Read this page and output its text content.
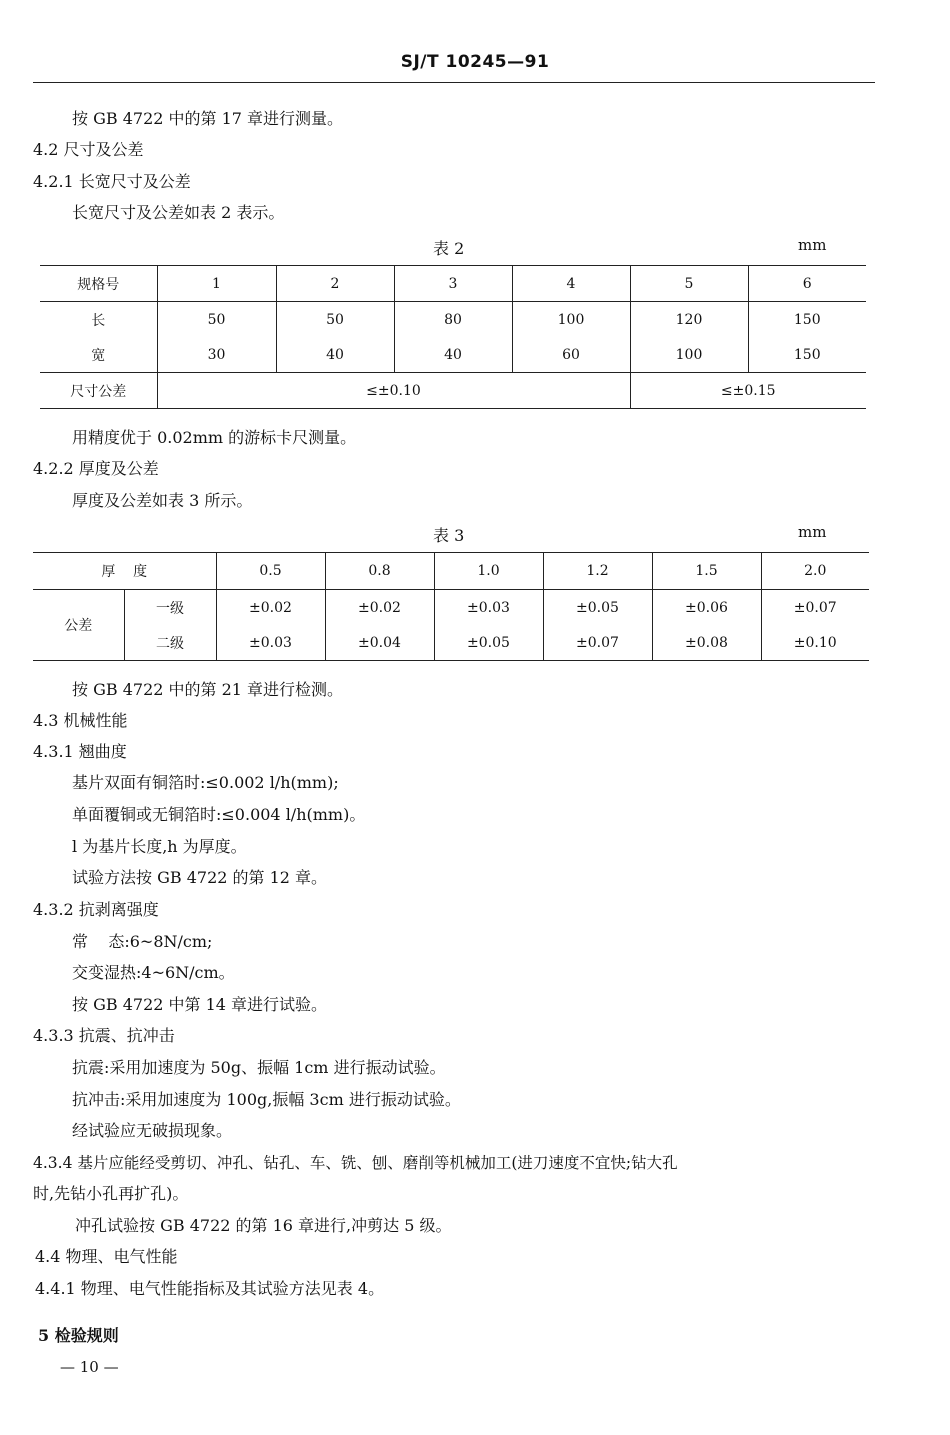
SJ/T 10245—91
按 GB 4722 中的第 17 章进行测量。
4.2 尺寸及公差
4.2.1 长宽尺寸及公差
长宽尺寸及公差如表 2 表示。
表 2	mm
规格号	1	2	3	4	5	6
长	50	50	80	100	120	150
宽	30	40	40	60	100	150
尺寸公差	≤±0.10				≤±0.15	
用精度优于 0.02mm 的游标卡尺测量。
4.2.2 厚度及公差
厚度及公差如表 3 所示。
表 3	mm
厚    度		0.5	0.8	1.0	1.2	1.5	2.0
公差	一级	±0.02	±0.02	±0.03	±0.05	±0.06	±0.07
	二级	±0.03	±0.04	±0.05	±0.07	±0.08	±0.10
按 GB 4722 中的第 21 章进行检测。
4.3 机械性能
4.3.1 翘曲度
基片双面有铜箔时:≤0.002 l/h(mm);
单面覆铜或无铜箔时:≤0.004 l/h(mm)。
l 为基片长度,h 为厚度。
试验方法按 GB 4722 的第 12 章。
4.3.2 抗剥离强度
常    态:6~8N/cm;
交变湿热:4~6N/cm。
按 GB 4722 中第 14 章进行试验。
4.3.3 抗震、抗冲击
抗震:采用加速度为 50g、振幅 1cm 进行振动试验。
抗冲击:采用加速度为 100g,振幅 3cm 进行振动试验。
经试验应无破损现象。
4.3.4 基片应能经受剪切、冲孔、钻孔、车、铣、刨、磨削等机械加工(进刀速度不宜快;钻大孔
时,先钻小孔再扩孔)。
冲孔试验按 GB 4722 的第 16 章进行,冲剪达 5 级。
4.4 物理、电气性能
4.4.1 物理、电气性能指标及其试验方法见表 4。
5 检验规则
— 10 —
